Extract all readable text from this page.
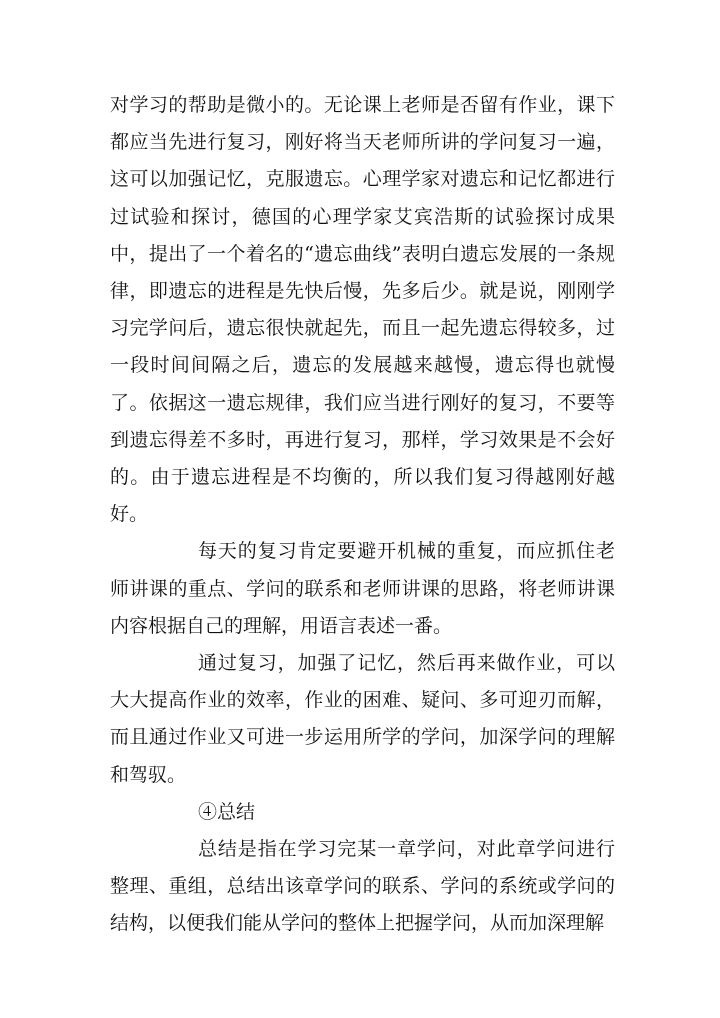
对学习的帮助是微小的。无论课上老师是否留有作业，课下都应当先进行复习，刚好将当天老师所讲的学问复习一遍，这可以加强记忆，克服遗忘。心理学家对遗忘和记忆都进行过试验和探讨，德国的心理学家艾宾浩斯的试验探讨成果中，提出了一个着名的“遗忘曲线”表明白遗忘发展的一条规律，即遗忘的进程是先快后慢，先多后少。就是说，刚刚学习完学问后，遗忘很快就起先，而且一起先遗忘得较多，过一段时间间隔之后，遗忘的发展越来越慢，遗忘得也就慢了。依据这一遗忘规律，我们应当进行刚好的复习，不要等到遗忘得差不多时，再进行复习，那样，学习效果是不会好的。由于遗忘进程是不均衡的，所以我们复习得越刚好越好。

每天的复习肯定要避开机械的重复，而应抓住老师讲课的重点、学问的联系和老师讲课的思路，将老师讲课内容根据自己的理解，用语言表述一番。

通过复习，加强了记忆，然后再来做作业，可以大大提高作业的效率，作业的困难、疑问、多可迎刃而解，而且通过作业又可进一步运用所学的学问，加深学问的理解和驾驭。

④总结

总结是指在学习完某一章学问，对此章学问进行整理、重组，总结出该章学问的联系、学问的系统或学问的结构，以便我们能从学问的整体上把握学问，从而加深理解
